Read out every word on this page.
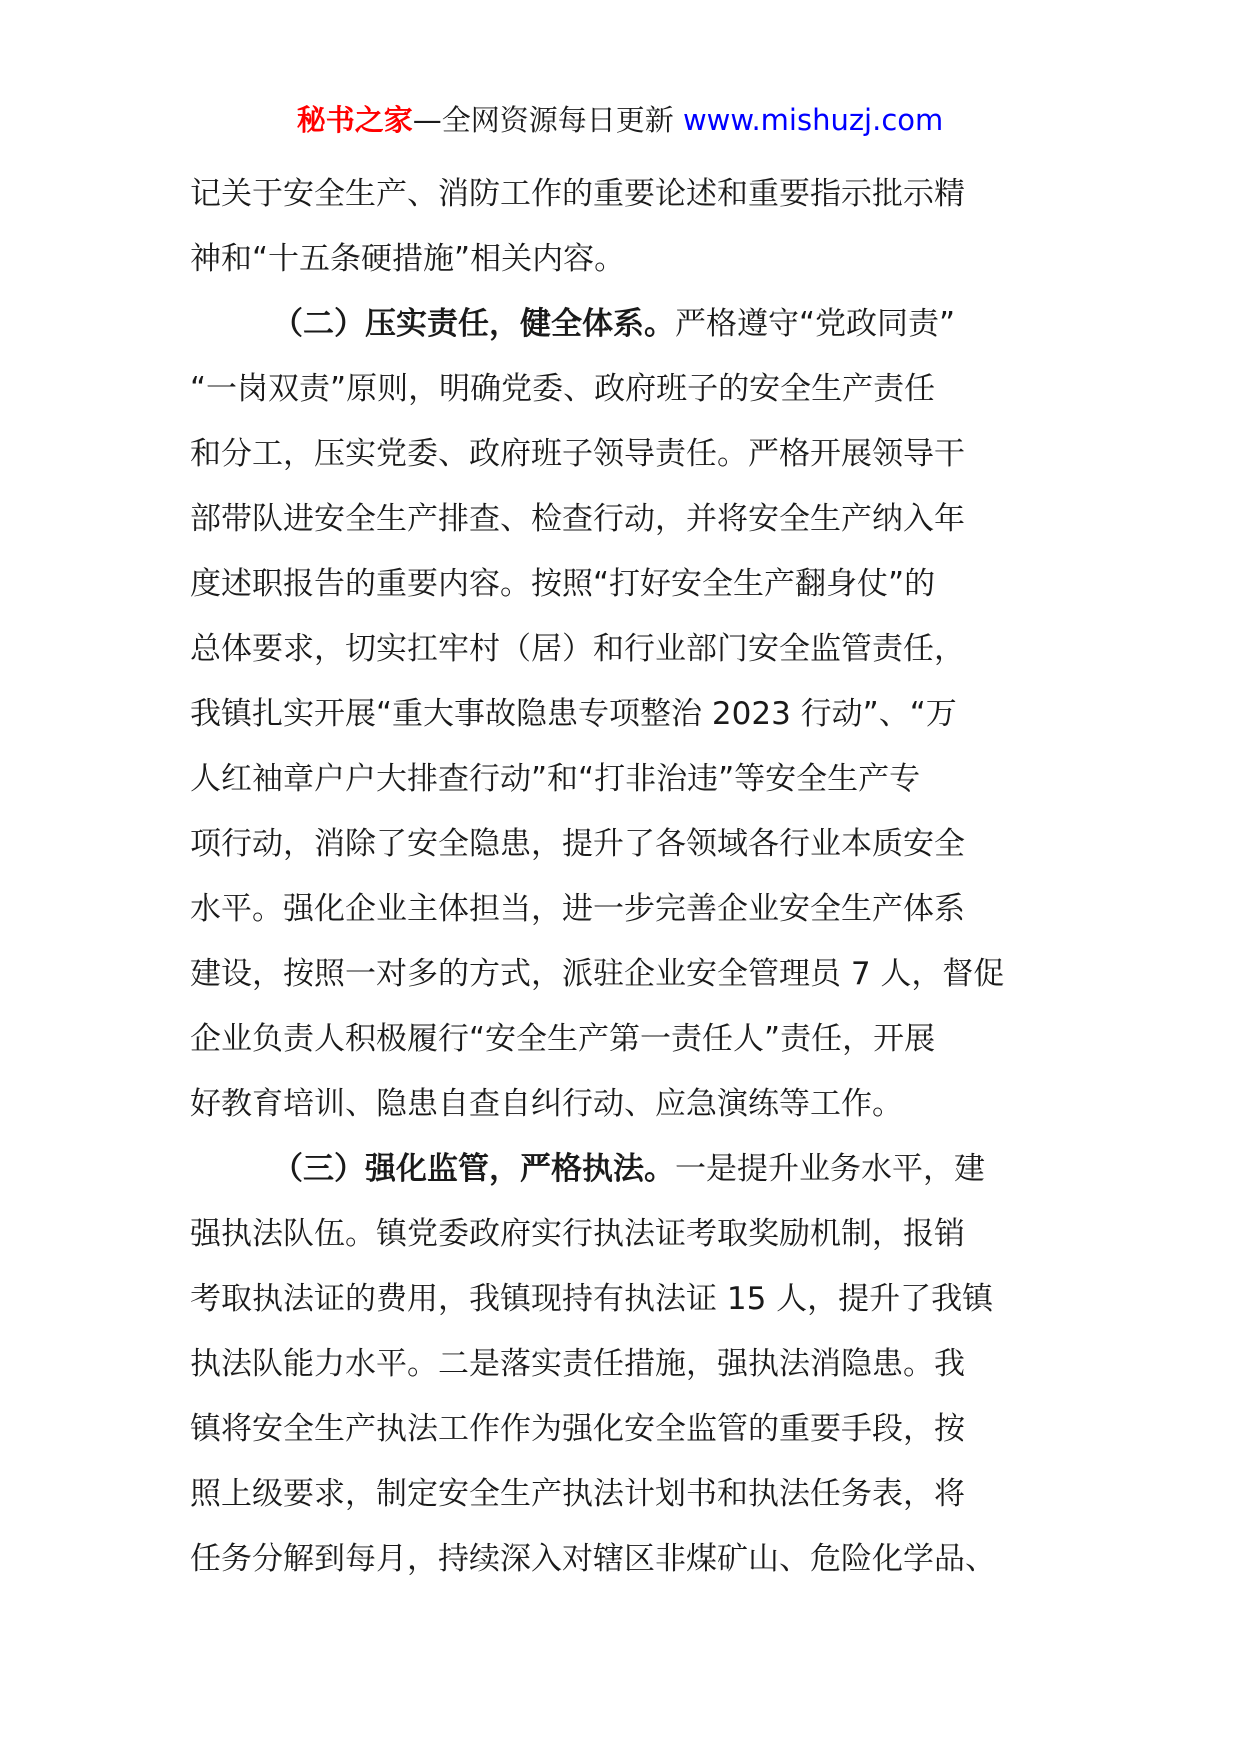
秘书之家—全网资源每日更新 www.mishuzj.com
记关于安全生产、消防工作的重要论述和重要指示批示精
神和“十五条硬措施”相关内容。
（二）压实责任，健全体系。严格遵守“党政同责”
“一岗双责”原则，明确党委、政府班子的安全生产责任
和分工，压实党委、政府班子领导责任。严格开展领导干
部带队进安全生产排查、检查行动，并将安全生产纳入年
度述职报告的重要内容。按照“打好安全生产翻身仗”的
总体要求，切实扛牢村（居）和行业部门安全监管责任，
我镇扎实开展“重大事故隐患专项整治 2023 行动”、“万
人红袖章户户大排查行动”和“打非治违”等安全生产专
项行动，消除了安全隐患，提升了各领域各行业本质安全
水平。强化企业主体担当，进一步完善企业安全生产体系
建设，按照一对多的方式，派驻企业安全管理员 7 人，督促
企业负责人积极履行“安全生产第一责任人”责任，开展
好教育培训、隐患自查自纠行动、应急演练等工作。
（三）强化监管，严格执法。一是提升业务水平，建
强执法队伍。镇党委政府实行执法证考取奖励机制，报销
考取执法证的费用，我镇现持有执法证 15 人，提升了我镇
执法队能力水平。二是落实责任措施，强执法消隐患。我
镇将安全生产执法工作作为强化安全监管的重要手段，按
照上级要求，制定安全生产执法计划书和执法任务表，将
任务分解到每月，持续深入对辖区非煤矿山、危险化学品、
